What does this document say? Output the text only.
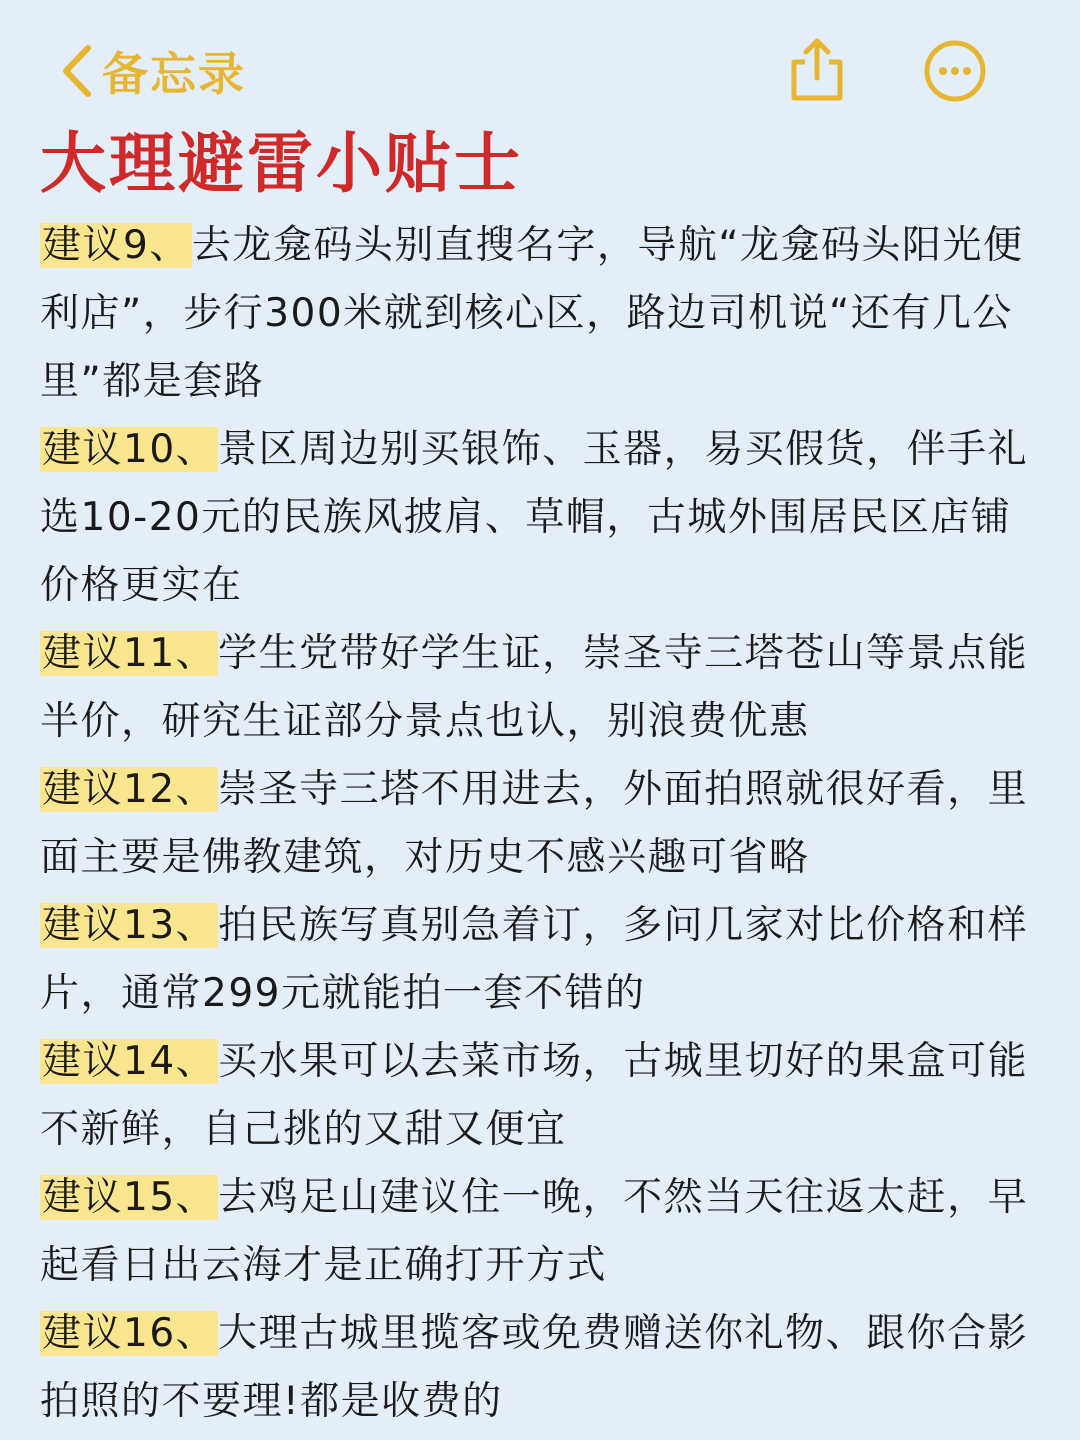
备忘录
大理避雷小贴士

建议9、去龙龛码头别直搜名字，导航“龙龛码头阳光便利店”，步行300米就到核心区，路边司机说“还有几公里”都是套路

建议10、景区周边别买银饰、玉器，易买假货，伴手礼选10-20元的民族风披肩、草帽，古城外围居民区店铺价格更实在

建议11、学生党带好学生证，崇圣寺三塔苍山等景点能半价，研究生证部分景点也认，别浪费优惠

建议12、崇圣寺三塔不用进去，外面拍照就很好看，里面主要是佛教建筑，对历史不感兴趣可省略

建议13、拍民族写真别急着订，多问几家对比价格和样片，通常299元就能拍一套不错的

建议14、买水果可以去菜市场，古城里切好的果盒可能不新鲜，自己挑的又甜又便宜

建议15、去鸡足山建议住一晚，不然当天往返太赶，早起看日出云海才是正确打开方式

建议16、大理古城里揽客或免费赠送你礼物、跟你合影拍照的不要理!都是收费的
